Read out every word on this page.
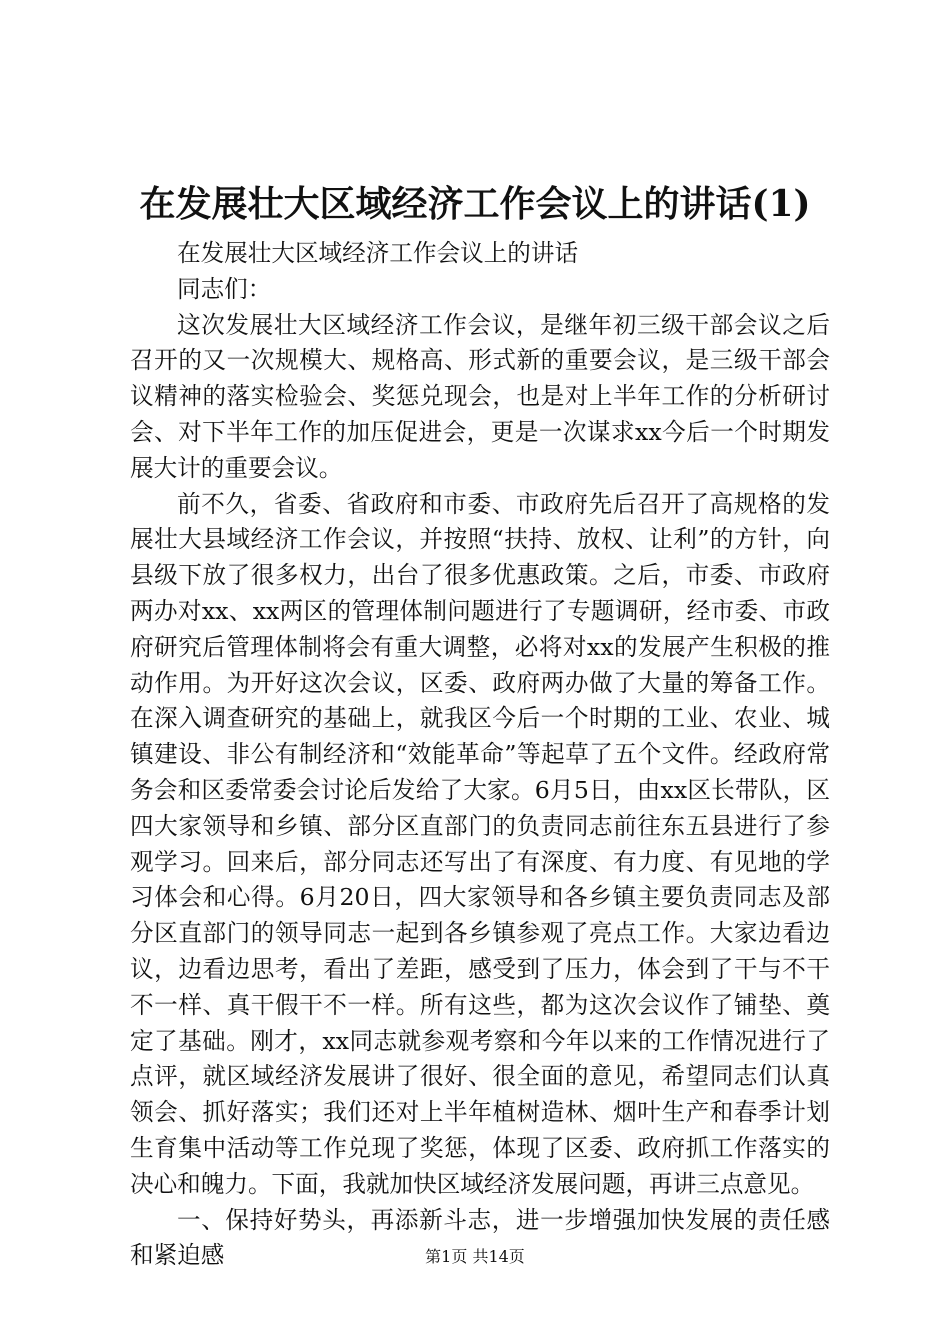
在发展壮大区域经济工作会议上的讲话(1)

在发展壮大区域经济工作会议上的讲话

同志们：

这次发展壮大区域经济工作会议，是继年初三级干部会议之后召开的又一次规模大、规格高、形式新的重要会议，是三级干部会议精神的落实检验会、奖惩兑现会，也是对上半年工作的分析研讨会、对下半年工作的加压促进会，更是一次谋求xx今后一个时期发展大计的重要会议。

前不久，省委、省政府和市委、市政府先后召开了高规格的发展壮大县域经济工作会议，并按照“扶持、放权、让利”的方针，向县级下放了很多权力，出台了很多优惠政策。之后，市委、市政府两办对xx、xx两区的管理体制问题进行了专题调研，经市委、市政府研究后管理体制将会有重大调整，必将对xx的发展产生积极的推动作用。为开好这次会议，区委、政府两办做了大量的筹备工作。在深入调查研究的基础上，就我区今后一个时期的工业、农业、城镇建设、非公有制经济和“效能革命”等起草了五个文件。经政府常务会和区委常委会讨论后发给了大家。6月5日，由xx区长带队，区四大家领导和乡镇、部分区直部门的负责同志前往东五县进行了参观学习。回来后，部分同志还写出了有深度、有力度、有见地的学习体会和心得。6月20日，四大家领导和各乡镇主要负责同志及部分区直部门的领导同志一起到各乡镇参观了亮点工作。大家边看边议，边看边思考，看出了差距，感受到了压力，体会到了干与不干不一样、真干假干不一样。所有这些，都为这次会议作了铺垫、奠定了基础。刚才，xx同志就参观考察和今年以来的工作情况进行了点评，就区域经济发展讲了很好、很全面的意见，希望同志们认真领会、抓好落实；我们还对上半年植树造林、烟叶生产和春季计划生育集中活动等工作兑现了奖惩，体现了区委、政府抓工作落实的决心和魄力。下面，我就加快区域经济发展问题，再讲三点意见。

一、保持好势头，再添新斗志，进一步增强加快发展的责任感和紧迫感	第1页 共14页
